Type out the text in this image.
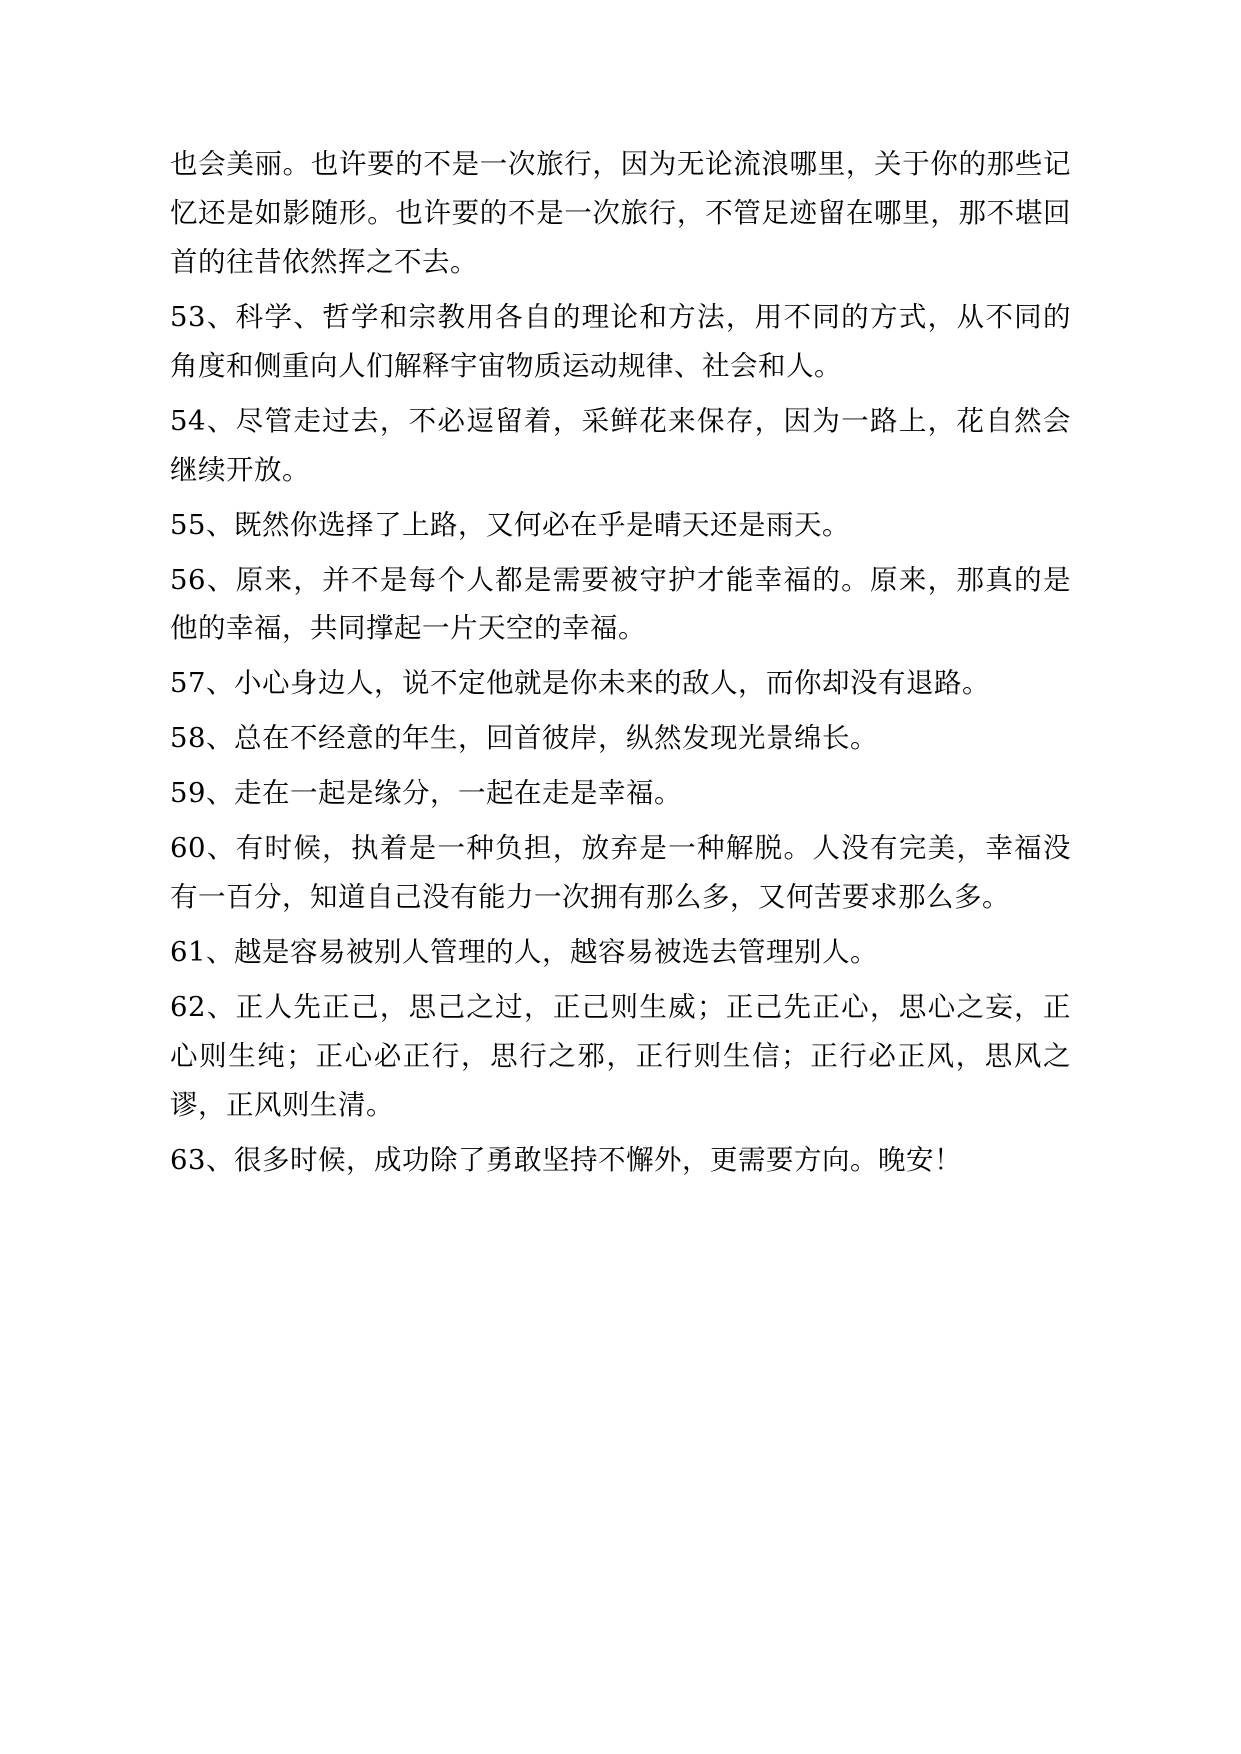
也会美丽。也许要的不是一次旅行，因为无论流浪哪里，关于你的那些记忆还是如影随形。也许要的不是一次旅行，不管足迹留在哪里，那不堪回首的往昔依然挥之不去。

53、科学、哲学和宗教用各自的理论和方法，用不同的方式，从不同的角度和侧重向人们解释宇宙物质运动规律、社会和人。

54、尽管走过去，不必逗留着，采鲜花来保存，因为一路上，花自然会继续开放。

55、既然你选择了上路，又何必在乎是晴天还是雨天。

56、原来，并不是每个人都是需要被守护才能幸福的。原来，那真的是他的幸福，共同撑起一片天空的幸福。

57、小心身边人，说不定他就是你未来的敌人，而你却没有退路。

58、总在不经意的年生，回首彼岸，纵然发现光景绵长。

59、走在一起是缘分，一起在走是幸福。

60、有时候，执着是一种负担，放弃是一种解脱。人没有完美，幸福没有一百分，知道自己没有能力一次拥有那么多，又何苦要求那么多。

61、越是容易被别人管理的人，越容易被选去管理别人。

62、正人先正己，思己之过，正己则生威；正己先正心，思心之妄，正心则生纯；正心必正行，思行之邪，正行则生信；正行必正风，思风之谬，正风则生清。

63、很多时候，成功除了勇敢坚持不懈外，更需要方向。晚安！
